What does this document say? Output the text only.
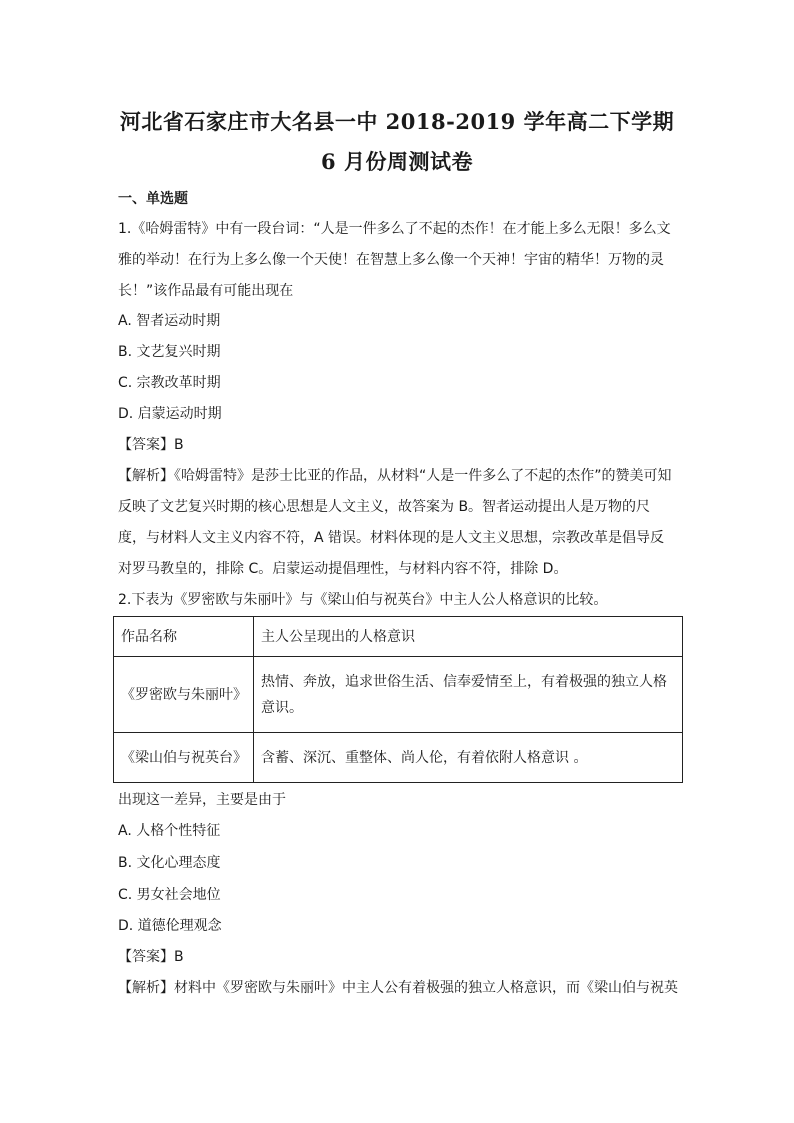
河北省石家庄市大名县一中 2018-2019 学年高二下学期
6 月份周测试卷

一、单选题

1.《哈姆雷特》中有一段台词：“人是一件多么了不起的杰作！在才能上多么无限！多么文雅的举动！在行为上多么像一个天使！在智慧上多么像一个天神！宇宙的精华！万物的灵长！”该作品最有可能出现在

A. 智者运动时期

B. 文艺复兴时期

C. 宗教改革时期

D. 启蒙运动时期

【答案】B

【解析】《哈姆雷特》是莎士比亚的作品，从材料“人是一件多么了不起的杰作”的赞美可知反映了文艺复兴时期的核心思想是人文主义，故答案为 B。智者运动提出人是万物的尺度，与材料人文主义内容不符，A 错误。材料体现的是人文主义思想，宗教改革是倡导反对罗马教皇的，排除 C。启蒙运动提倡理性，与材料内容不符，排除 D。

2.下表为《罗密欧与朱丽叶》与《梁山伯与祝英台》中主人公人格意识的比较。

作品名称	主人公呈现出的人格意识
《罗密欧与朱丽叶》	热情、奔放，追求世俗生活、信奉爱情至上，有着极强的独立人格意识。
《梁山伯与祝英台》	含蓄、深沉、重整体、尚人伦，有着依附人格意识 。

出现这一差异，主要是由于

A. 人格个性特征

B. 文化心理态度

C. 男女社会地位

D. 道德伦理观念

【答案】B

【解析】材料中《罗密欧与朱丽叶》中主人公有着极强的独立人格意识，而《梁山伯与祝英
